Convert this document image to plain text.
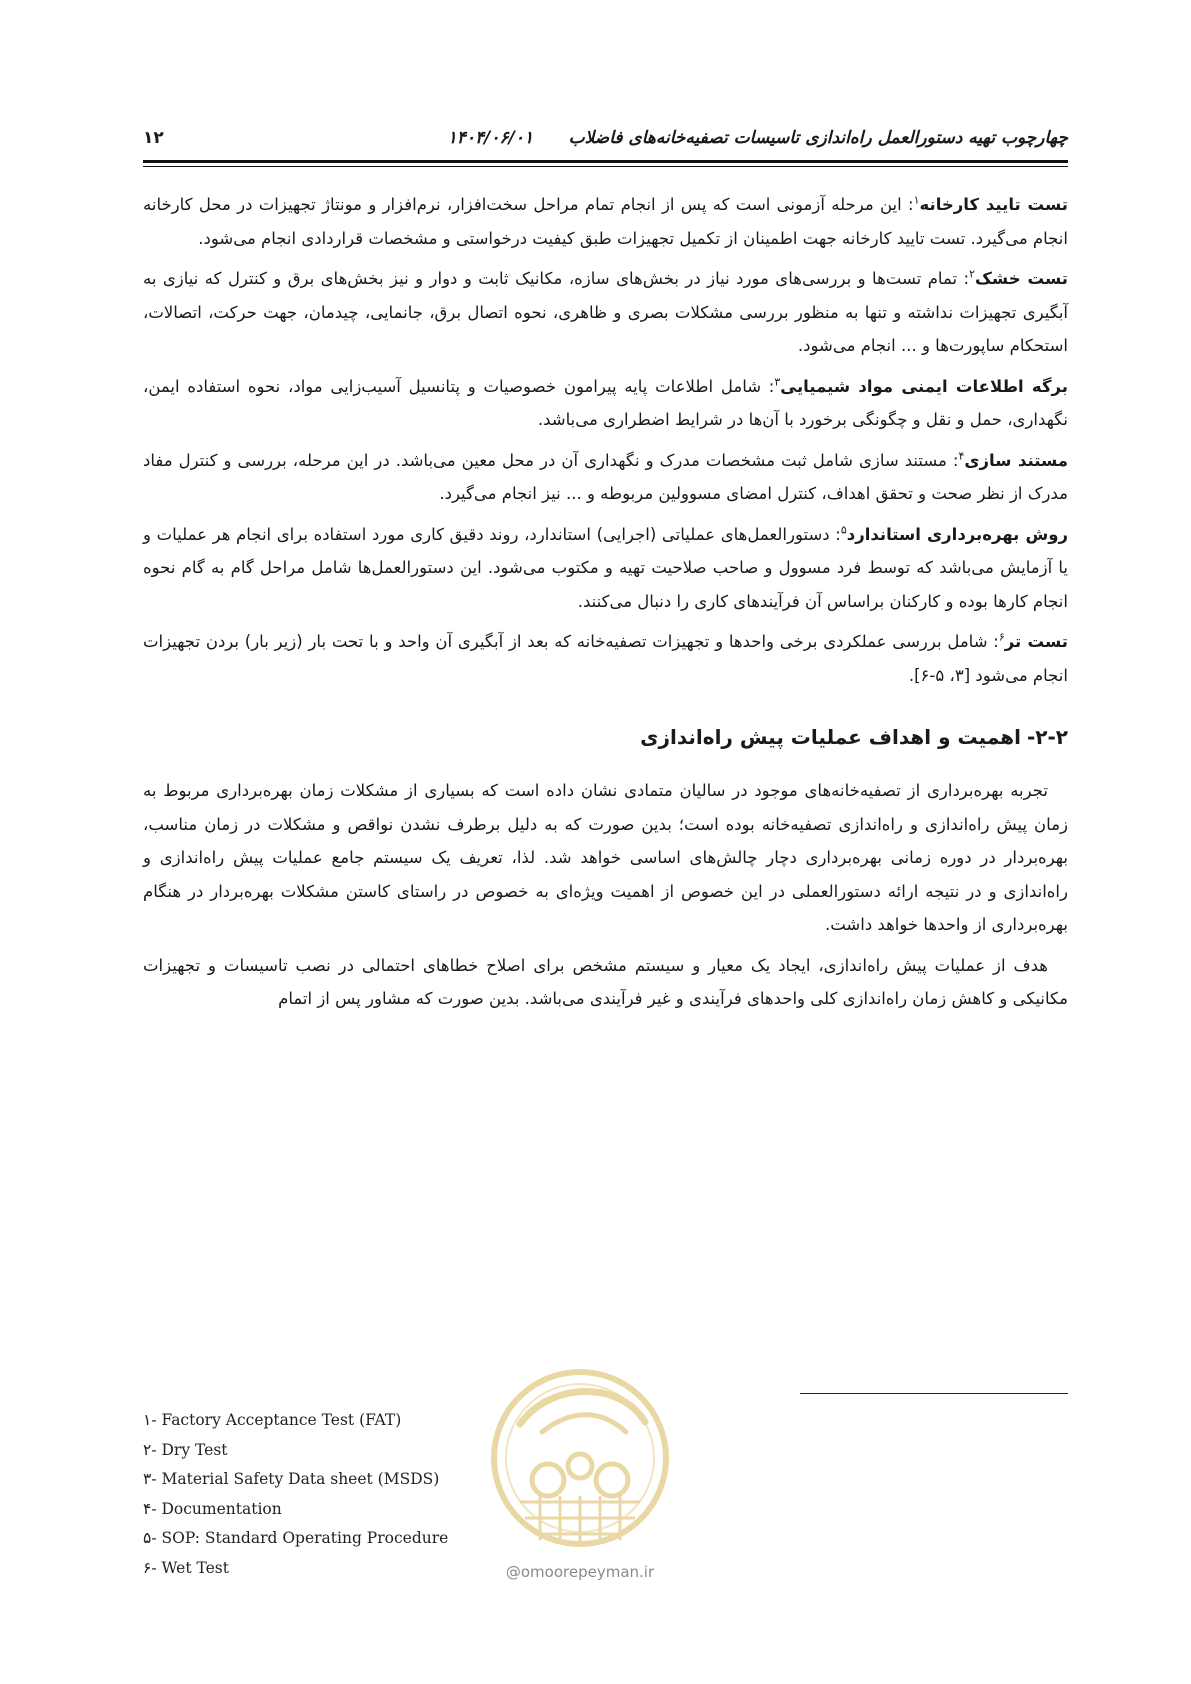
چهارچوب تهیه دستورالعمل راه‌اندازی تاسیسات تصفیه‌خانه‌های فاضلاب      ۱۴۰۴/۰۶/۰۱
۱۲

تست تایید کارخانه$^۱$: این مرحله آزمونی است که پس از انجام تمام مراحل سخت‌افزار، نرم‌افزار و مونتاژ تجهیزات در محل کارخانه انجام می‌گیرد. تست تایید کارخانه جهت اطمینان از تکمیل تجهیزات طبق کیفیت درخواستی و مشخصات قراردادی انجام می‌شود.

تست خشک$^۲$: تمام تست‌ها و بررسی‌های مورد نیاز در بخش‌های سازه، مکانیک ثابت و دوار و نیز بخش‌های برق و کنترل که نیازی به آبگیری تجهیزات نداشته و تنها به منظور بررسی مشکلات بصری و ظاهری، نحوه اتصال برق، جانمایی، چیدمان، جهت حرکت، اتصالات، استحکام ساپورت‌ها و ... انجام می‌شود.

برگه اطلاعات ایمنی مواد شیمیایی$^۳$: شامل اطلاعات پایه پیرامون خصوصیات و پتانسیل آسیب‌زایی مواد، نحوه استفاده ایمن، نگهداری، حمل و نقل و چگونگی برخورد با آن‌ها در شرایط اضطراری می‌باشد.

مستند سازی$^۴$: مستند سازی شامل ثبت مشخصات مدرک و نگهداری آن در محل معین می‌باشد. در این مرحله، بررسی و کنترل مفاد مدرک از نظر صحت و تحقق اهداف، کنترل امضای مسوولین مربوطه و ... نیز انجام می‌گیرد.

روش بهره‌برداری استاندارد$^۵$: دستورالعمل‌های عملیاتی (اجرایی) استاندارد، روند دقیق کاری مورد استفاده برای انجام هر عملیات و یا آزمایش می‌باشد که توسط فرد مسوول و صاحب صلاحیت تهیه و مکتوب می‌شود. این دستورالعمل‌ها شامل مراحل گام به گام نحوه انجام کارها بوده و کارکنان براساس آن فرآیندهای کاری را دنبال می‌کنند.

تست تر$^۶$: شامل بررسی عملکردی برخی واحدها و تجهیزات تصفیه‌خانه که بعد از آبگیری آن واحد و با تحت بار (زیر بار) بردن تجهیزات انجام می‌شود [۳، ۵-۶].

۲-۲-
اهمیت و اهداف عملیات پیش راه‌اندازی

تجربه بهره‌برداری از تصفیه‌خانه‌های موجود در سالیان متمادی نشان داده است که بسیاری از مشکلات زمان بهره‌برداری مربوط به زمان پیش راه‌اندازی و راه‌اندازی تصفیه‌خانه بوده است؛ بدین صورت که به دلیل برطرف نشدن نواقص و مشکلات در زمان مناسب، بهره‌بردار در دوره زمانی بهره‌برداری دچار چالش‌های اساسی خواهد شد. لذا، تعریف یک سیستم جامع عملیات پیش راه‌اندازی و راه‌اندازی و در نتیجه ارائه دستورالعملی در این خصوص از اهمیت ویژه‌ای به خصوص در راستای کاستن مشکلات بهره‌بردار در هنگام بهره‌برداری از واحدها خواهد داشت.

هدف از عملیات پیش راه‌اندازی، ایجاد یک معیار و سیستم مشخص برای اصلاح خطاهای احتمالی در نصب تاسیسات و تجهیزات مکانیکی و کاهش زمان راه‌اندازی کلی واحدهای فرآیندی و غیر فرآیندی می‌باشد. بدین صورت که مشاور پس از اتمام

۱- Factory Acceptance Test (FAT)
۲- Dry Test
۳- Material Safety Data sheet (MSDS)
۴- Documentation
۵- SOP: Standard Operating Procedure
۶- Wet Test	@omoorepeyman.ir
